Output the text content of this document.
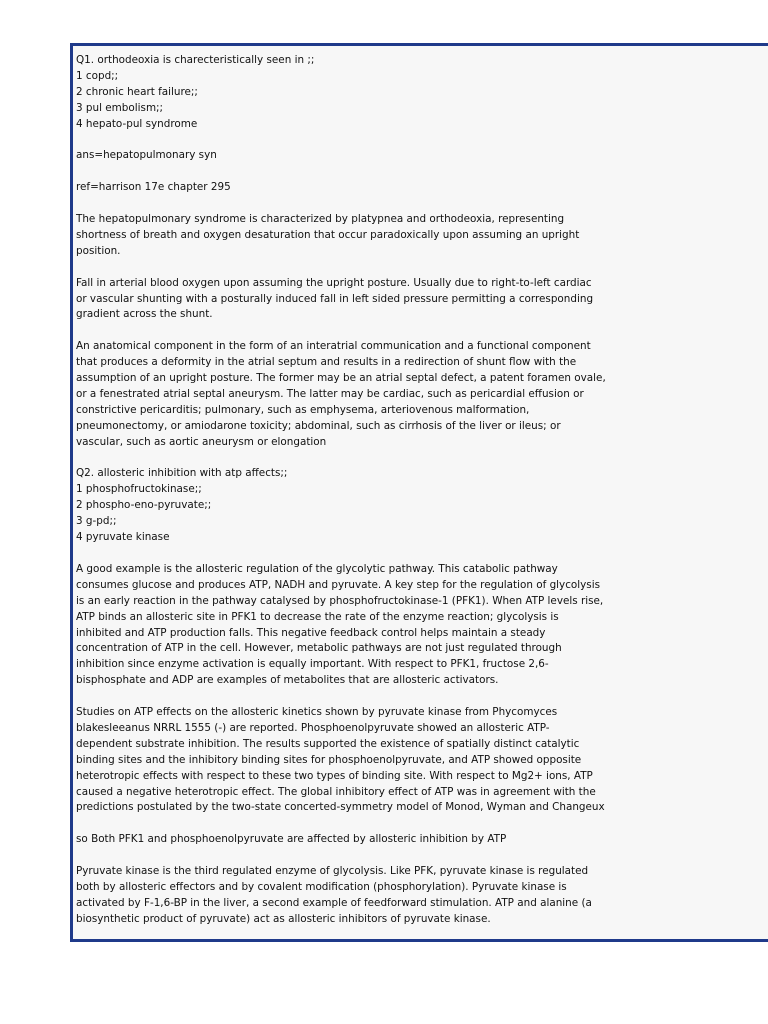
Q1. orthodeoxia is charecteristically seen in ;;
1 copd;;
2 chronic heart failure;;
3 pul embolism;;
4 hepato-pul syndrome
ans=hepatopulmonary syn
ref=harrison 17e chapter 295
The hepatopulmonary syndrome is characterized by platypnea and orthodeoxia, representing
shortness of breath and oxygen desaturation that occur paradoxically upon assuming an upright
position.
Fall in arterial blood oxygen upon assuming the upright posture. Usually due to right-to-left cardiac
or vascular shunting with a posturally induced fall in left sided pressure permitting a corresponding
gradient across the shunt.
An anatomical component in the form of an interatrial communication and a functional component
that produces a deformity in the atrial septum and results in a redirection of shunt flow with the
assumption of an upright posture. The former may be an atrial septal defect, a patent foramen ovale,
or a fenestrated atrial septal aneurysm. The latter may be cardiac, such as pericardial effusion or
constrictive pericarditis; pulmonary, such as emphysema, arteriovenous malformation,
pneumonectomy, or amiodarone toxicity; abdominal, such as cirrhosis of the liver or ileus; or
vascular, such as aortic aneurysm or elongation
Q2. allosteric inhibition with atp affects;;
1 phosphofructokinase;;
2 phospho-eno-pyruvate;;
3 g-pd;;
4 pyruvate kinase
A good example is the allosteric regulation of the glycolytic pathway. This catabolic pathway
consumes glucose and produces ATP, NADH and pyruvate. A key step for the regulation of glycolysis
is an early reaction in the pathway catalysed by phosphofructokinase-1 (PFK1). When ATP levels rise,
ATP binds an allosteric site in PFK1 to decrease the rate of the enzyme reaction; glycolysis is
inhibited and ATP production falls. This negative feedback control helps maintain a steady
concentration of ATP in the cell. However, metabolic pathways are not just regulated through
inhibition since enzyme activation is equally important. With respect to PFK1, fructose 2,6-
bisphosphate and ADP are examples of metabolites that are allosteric activators.
Studies on ATP effects on the allosteric kinetics shown by pyruvate kinase from Phycomyces
blakesleeanus NRRL 1555 (-) are reported. Phosphoenolpyruvate showed an allosteric ATP-
dependent substrate inhibition. The results supported the existence of spatially distinct catalytic
binding sites and the inhibitory binding sites for phosphoenolpyruvate, and ATP showed opposite
heterotropic effects with respect to these two types of binding site. With respect to Mg2+ ions, ATP
caused a negative heterotropic effect. The global inhibitory effect of ATP was in agreement with the
predictions postulated by the two-state concerted-symmetry model of Monod, Wyman and Changeux
so Both PFK1 and phosphoenolpyruvate are affected by allosteric inhibition by ATP
Pyruvate kinase is the third regulated enzyme of glycolysis. Like PFK, pyruvate kinase is regulated
both by allosteric effectors and by covalent modification (phosphorylation). Pyruvate kinase is
activated by F-1,6-BP in the liver, a second example of feedforward stimulation. ATP and alanine (a
biosynthetic product of pyruvate) act as allosteric inhibitors of pyruvate kinase.
